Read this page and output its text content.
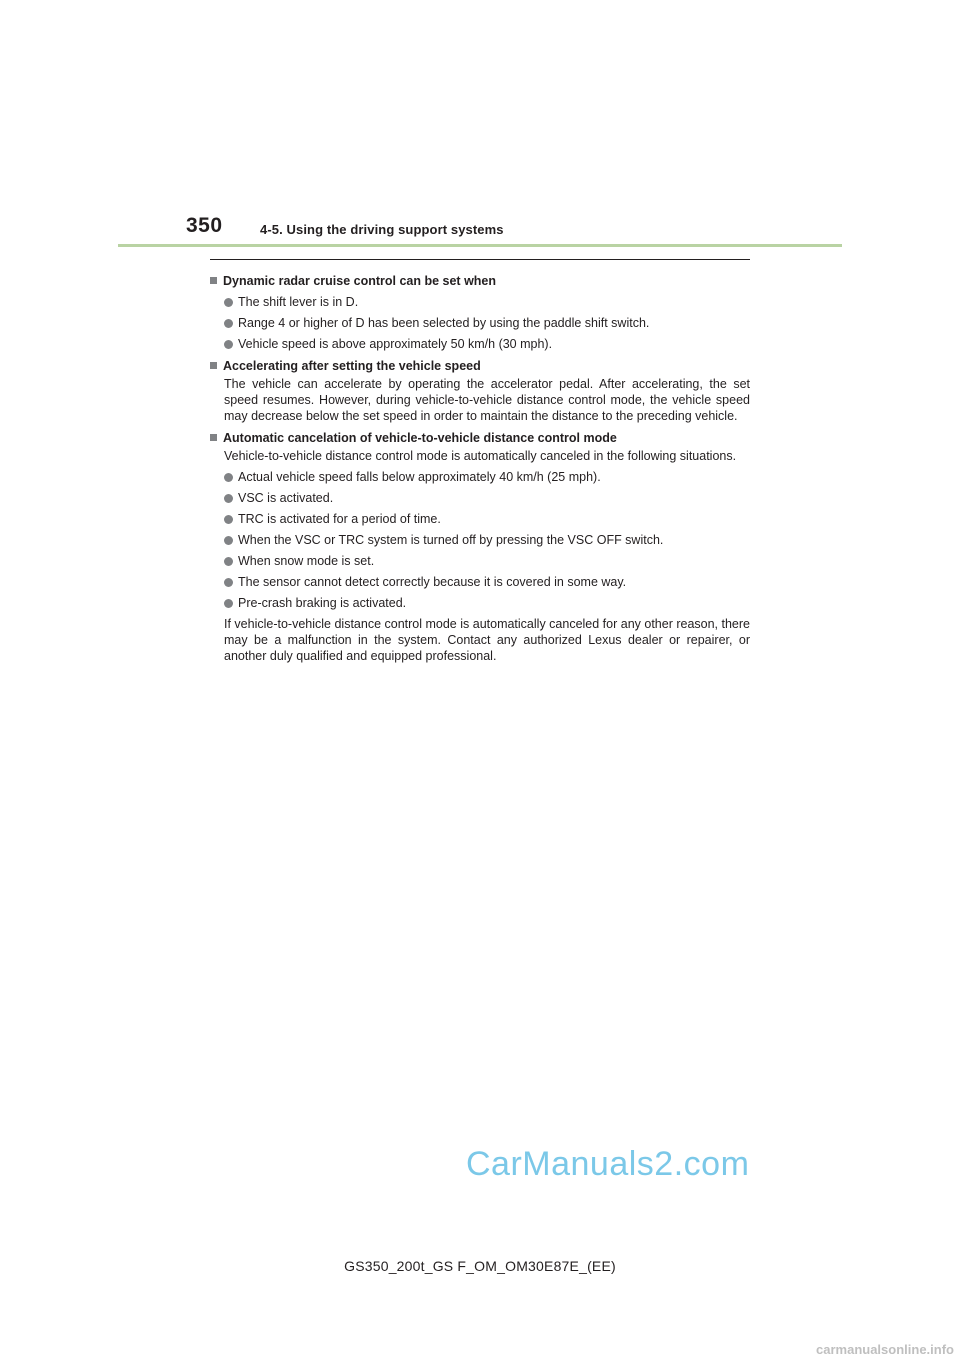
350	4-5. Using the driving support systems
Dynamic radar cruise control can be set when
The shift lever is in D.
Range 4 or higher of D has been selected by using the paddle shift switch.
Vehicle speed is above approximately 50 km/h (30 mph).
Accelerating after setting the vehicle speed
The vehicle can accelerate by operating the accelerator pedal. After accelerating, the set speed resumes. However, during vehicle-to-vehicle distance control mode, the vehicle speed may decrease below the set speed in order to maintain the distance to the preceding vehicle.
Automatic cancelation of vehicle-to-vehicle distance control mode
Vehicle-to-vehicle distance control mode is automatically canceled in the following situations.
Actual vehicle speed falls below approximately 40 km/h (25 mph).
VSC is activated.
TRC is activated for a period of time.
When the VSC or TRC system is turned off by pressing the VSC OFF switch.
When snow mode is set.
The sensor cannot detect correctly because it is covered in some way.
Pre-crash braking is activated.
If vehicle-to-vehicle distance control mode is automatically canceled for any other reason, there may be a malfunction in the system. Contact any authorized Lexus dealer or repairer, or another duly qualified and equipped professional.
CarManuals2.com
GS350_200t_GS F_OM_OM30E87E_(EE)
carmanualsonline.info
